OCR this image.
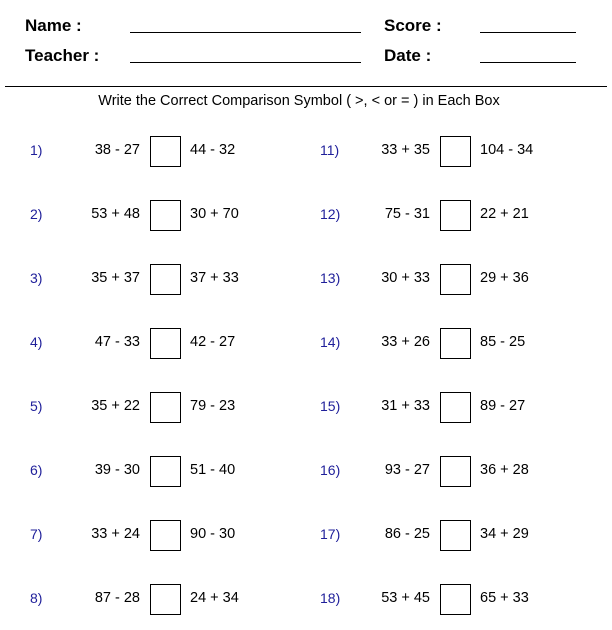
Name :	Score :
Teacher :	Date :
Write the Correct Comparison Symbol ( >, < or = ) in Each Box
1)	38 - 27	44 - 32
2)	53 + 48	30 + 70
3)	35 + 37	37 + 33
4)	47 - 33	42 - 27
5)	35 + 22	79 - 23
6)	39 - 30	51 - 40
7)	33 + 24	90 - 30
8)	87 - 28	24 + 34
11)	33 + 35	104 - 34
12)	75 - 31	22 + 21
13)	30 + 33	29 + 36
14)	33 + 26	85 - 25
15)	31 + 33	89 - 27
16)	93 - 27	36 + 28
17)	86 - 25	34 + 29
18)	53 + 45	65 + 33
